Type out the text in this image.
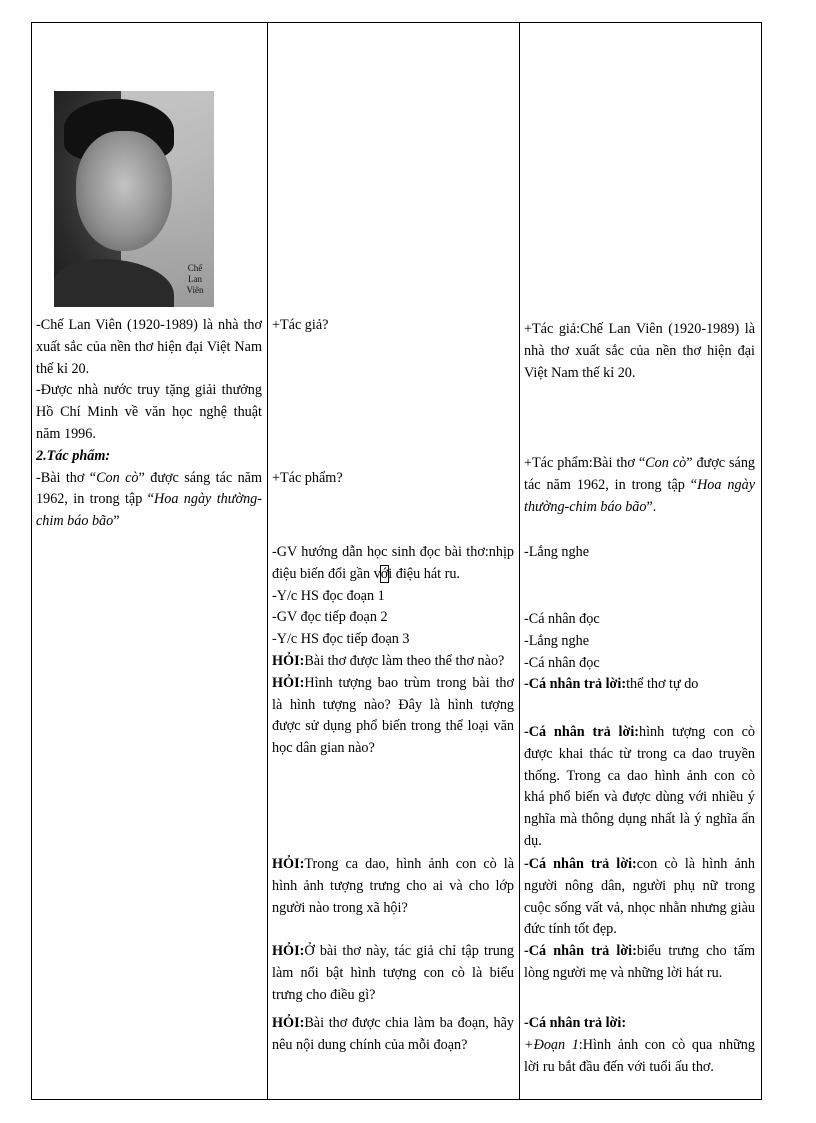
Chế
Lan
Viên
-Chế Lan Viên (1920-1989) là nhà thơ xuất sắc của nền thơ hiện đại Việt Nam thế kỉ 20.
-Được nhà nước truy tặng giải thưởng Hồ Chí Minh về văn học nghệ thuật năm 1996.
2.Tác phẩm:
-Bài thơ “Con cò” được sáng tác năm 1962, in trong tập “Hoa ngày thường-chim báo bão”
+Tác giả?
+Tác phẩm?
-GV hướng dẫn học sinh đọc bài thơ:nhịp điệu biến đổi gần với điệu hát ru.
-Y/c HS đọc đoạn 1
-GV đọc tiếp đoạn 2
-Y/c HS đọc tiếp đoạn 3
HỎI:Bài thơ được làm theo thể thơ nào?
HỎI:Hình tượng bao trùm trong bài thơ là hình tượng nào? Đây là hình tượng được sử dụng phổ biến trong thể loại văn học dân gian nào?
HỎI:Trong ca dao, hình ảnh con cò là hình ảnh tượng trưng cho ai và cho lớp người nào trong xã hội?
HỎI:Ở bài thơ này, tác giả chỉ tập trung làm nổi bật hình tượng con cò là biểu trưng cho điều gì?
HỎI:Bài thơ được chia làm ba đoạn, hãy nêu nội dung chính của mỗi đoạn?
+Tác giả:Chế Lan Viên (1920-1989) là nhà thơ xuất sắc của nền thơ hiện đại Việt Nam thế kỉ 20.
+Tác phẩm:Bài thơ “Con cò” được sáng tác năm 1962, in trong tập “Hoa ngày thường-chim báo bão”.
-Lắng nghe
-Cá nhân đọc
-Lắng nghe
-Cá nhân đọc
-Cá nhân trả lời:thể thơ tự do
-Cá nhân trả lời:hình tượng con cò được khai thác từ trong ca dao truyền thống. Trong ca dao hình ảnh con cò khá phổ biến và được dùng với nhiều ý nghĩa mà thông dụng nhất là ý nghĩa ẩn dụ.
-Cá nhân trả lời:con cò là hình ảnh người nông dân, người phụ nữ trong cuộc sống vất vả, nhọc nhằn nhưng giàu đức tính tốt đẹp.
-Cá nhân trả lời:biểu trưng cho tấm lòng người mẹ và những lời hát ru.
-Cá nhân trả lời:
+Đoạn 1:Hình ảnh con cò qua những lời ru bắt đầu đến với tuổi ấu thơ.
